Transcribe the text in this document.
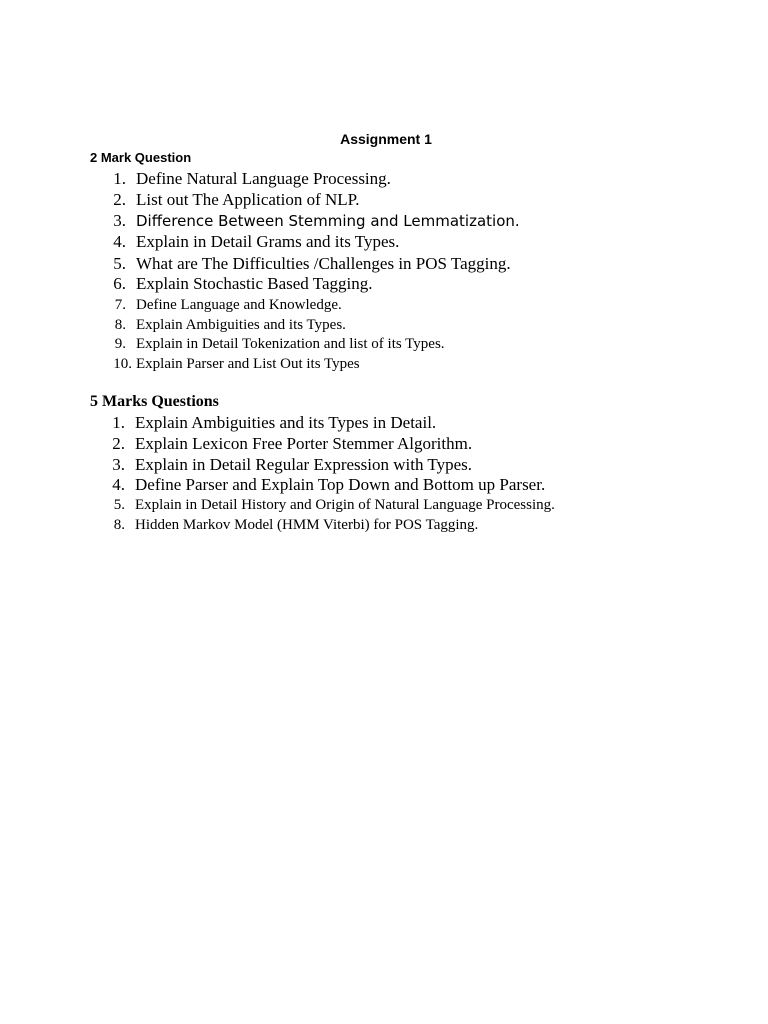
Assignment 1
2 Mark Question
1. Define Natural Language Processing.
2. List out The Application of NLP.
3. Difference Between Stemming and Lemmatization.
4. Explain in Detail Grams and its Types.
5. What are The Difficulties /Challenges in POS Tagging.
6. Explain Stochastic Based Tagging.
7. Define Language and Knowledge.
8. Explain Ambiguities and its Types.
9. Explain in Detail Tokenization and list of its Types.
10. Explain Parser and List Out its Types
5 Marks Questions
1. Explain Ambiguities and its Types in Detail.
2. Explain Lexicon Free Porter Stemmer Algorithm.
3. Explain in Detail Regular Expression with Types.
4. Define Parser and Explain Top Down and Bottom up Parser.
5. Explain in Detail History and Origin of Natural Language Processing.
8. Hidden Markov Model (HMM Viterbi) for POS Tagging.
